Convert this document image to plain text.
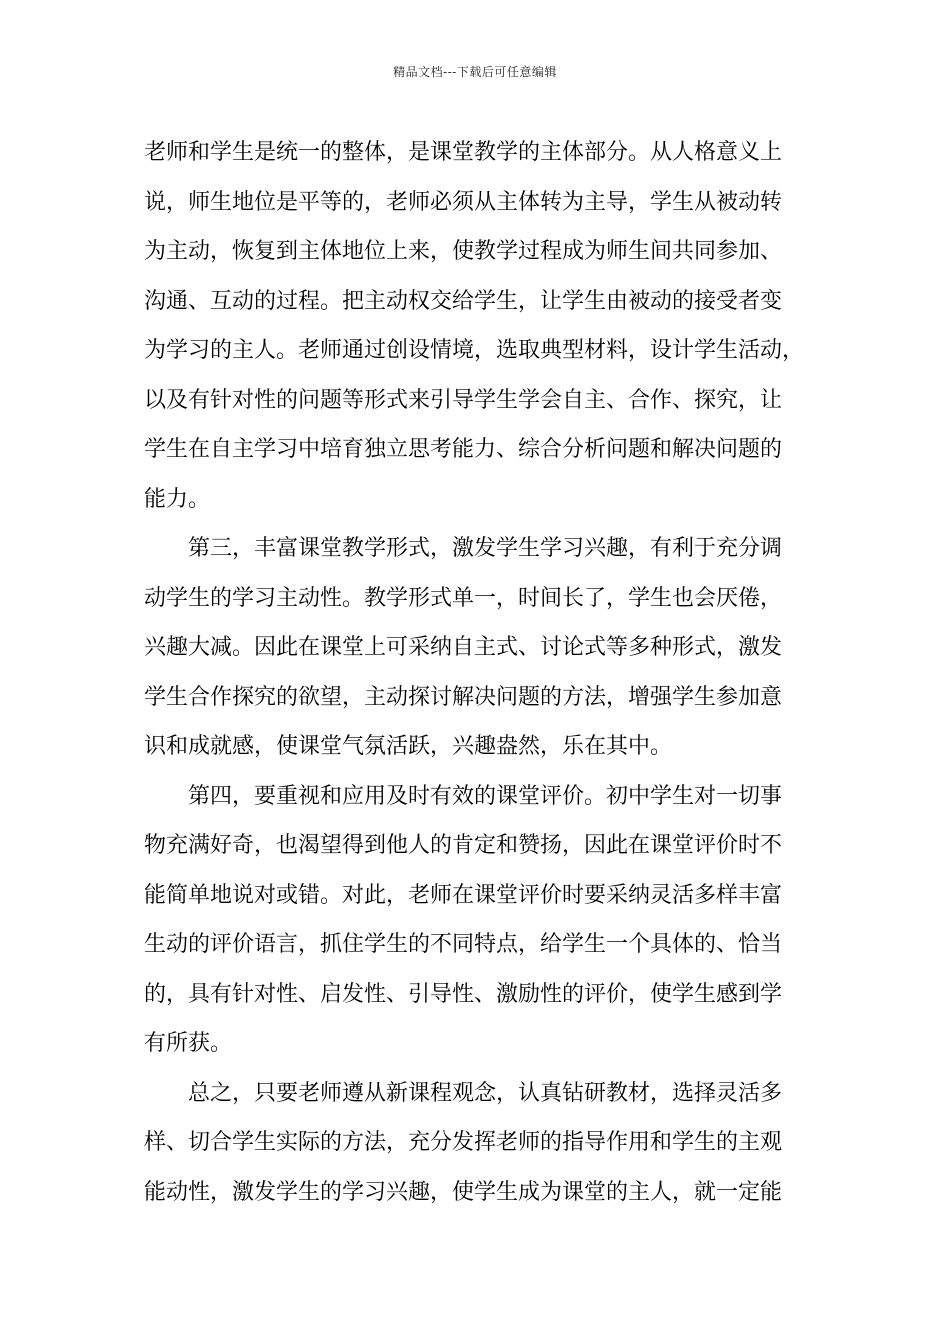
精品文档---下载后可任意编辑
老师和学生是统一的整体，是课堂教学的主体部分。从人格意义上
说，师生地位是平等的，老师必须从主体转为主导，学生从被动转
为主动，恢复到主体地位上来，使教学过程成为师生间共同参加、
沟通、互动的过程。把主动权交给学生，让学生由被动的接受者变
为学习的主人。老师通过创设情境，选取典型材料，设计学生活动，
以及有针对性的问题等形式来引导学生学会自主、合作、探究，让
学生在自主学习中培育独立思考能力、综合分析问题和解决问题的
能力。
第三，丰富课堂教学形式，激发学生学习兴趣，有利于充分调
动学生的学习主动性。教学形式单一，时间长了，学生也会厌倦，
兴趣大减。因此在课堂上可采纳自主式、讨论式等多种形式，激发
学生合作探究的欲望，主动探讨解决问题的方法，增强学生参加意
识和成就感，使课堂气氛活跃，兴趣盎然，乐在其中。
第四，要重视和应用及时有效的课堂评价。初中学生对一切事
物充满好奇，也渴望得到他人的肯定和赞扬，因此在课堂评价时不
能简单地说对或错。对此，老师在课堂评价时要采纳灵活多样丰富
生动的评价语言，抓住学生的不同特点，给学生一个具体的、恰当
的，具有针对性、启发性、引导性、激励性的评价，使学生感到学
有所获。
总之，只要老师遵从新课程观念，认真钻研教材，选择灵活多
样、切合学生实际的方法，充分发挥老师的指导作用和学生的主观
能动性，激发学生的学习兴趣，使学生成为课堂的主人，就一定能
